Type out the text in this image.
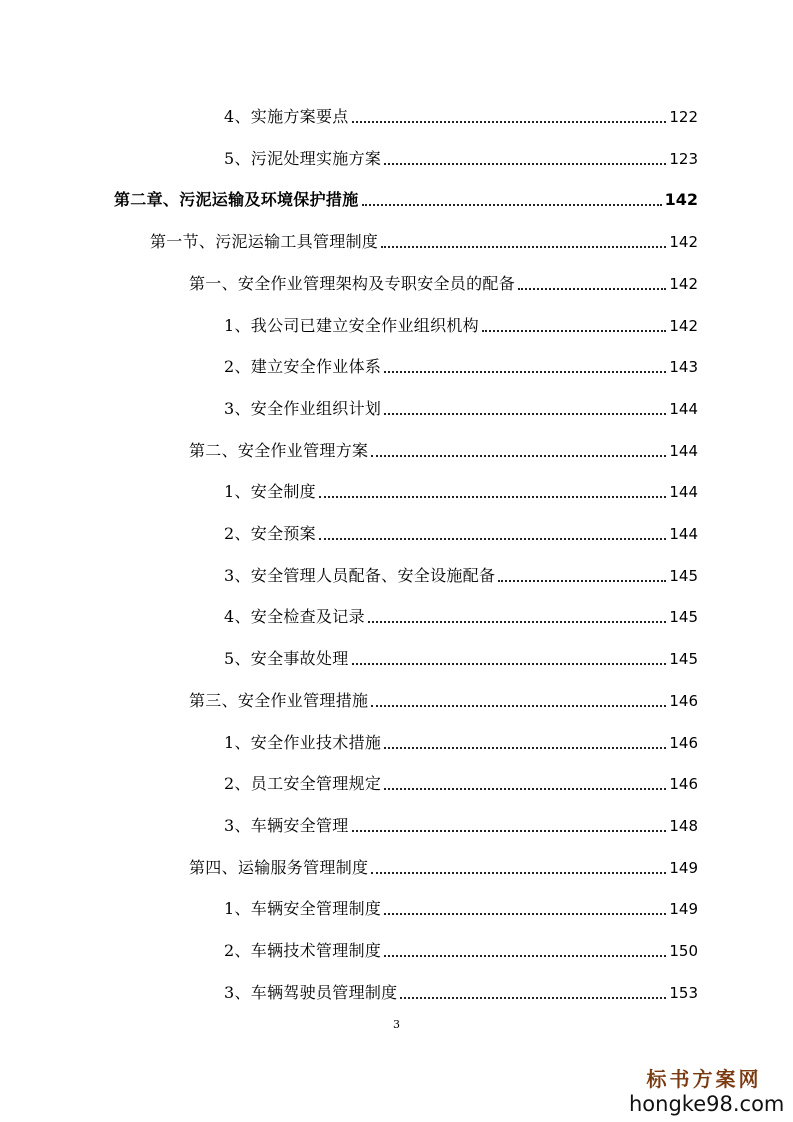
4、实施方案要点	122
5、污泥处理实施方案	123
第二章、污泥运输及环境保护措施	142
第一节、污泥运输工具管理制度	142
第一、安全作业管理架构及专职安全员的配备	142
1、我公司已建立安全作业组织机构	142
2、建立安全作业体系	143
3、安全作业组织计划	144
第二、安全作业管理方案	144
1、安全制度	144
2、安全预案	144
3、安全管理人员配备、安全设施配备	145
4、安全检查及记录	145
5、安全事故处理	145
第三、安全作业管理措施	146
1、安全作业技术措施	146
2、员工安全管理规定	146
3、车辆安全管理	148
第四、运输服务管理制度	149
1、车辆安全管理制度	149
2、车辆技术管理制度	150
3、车辆驾驶员管理制度	153
3
标书方案网
hongke98.com
